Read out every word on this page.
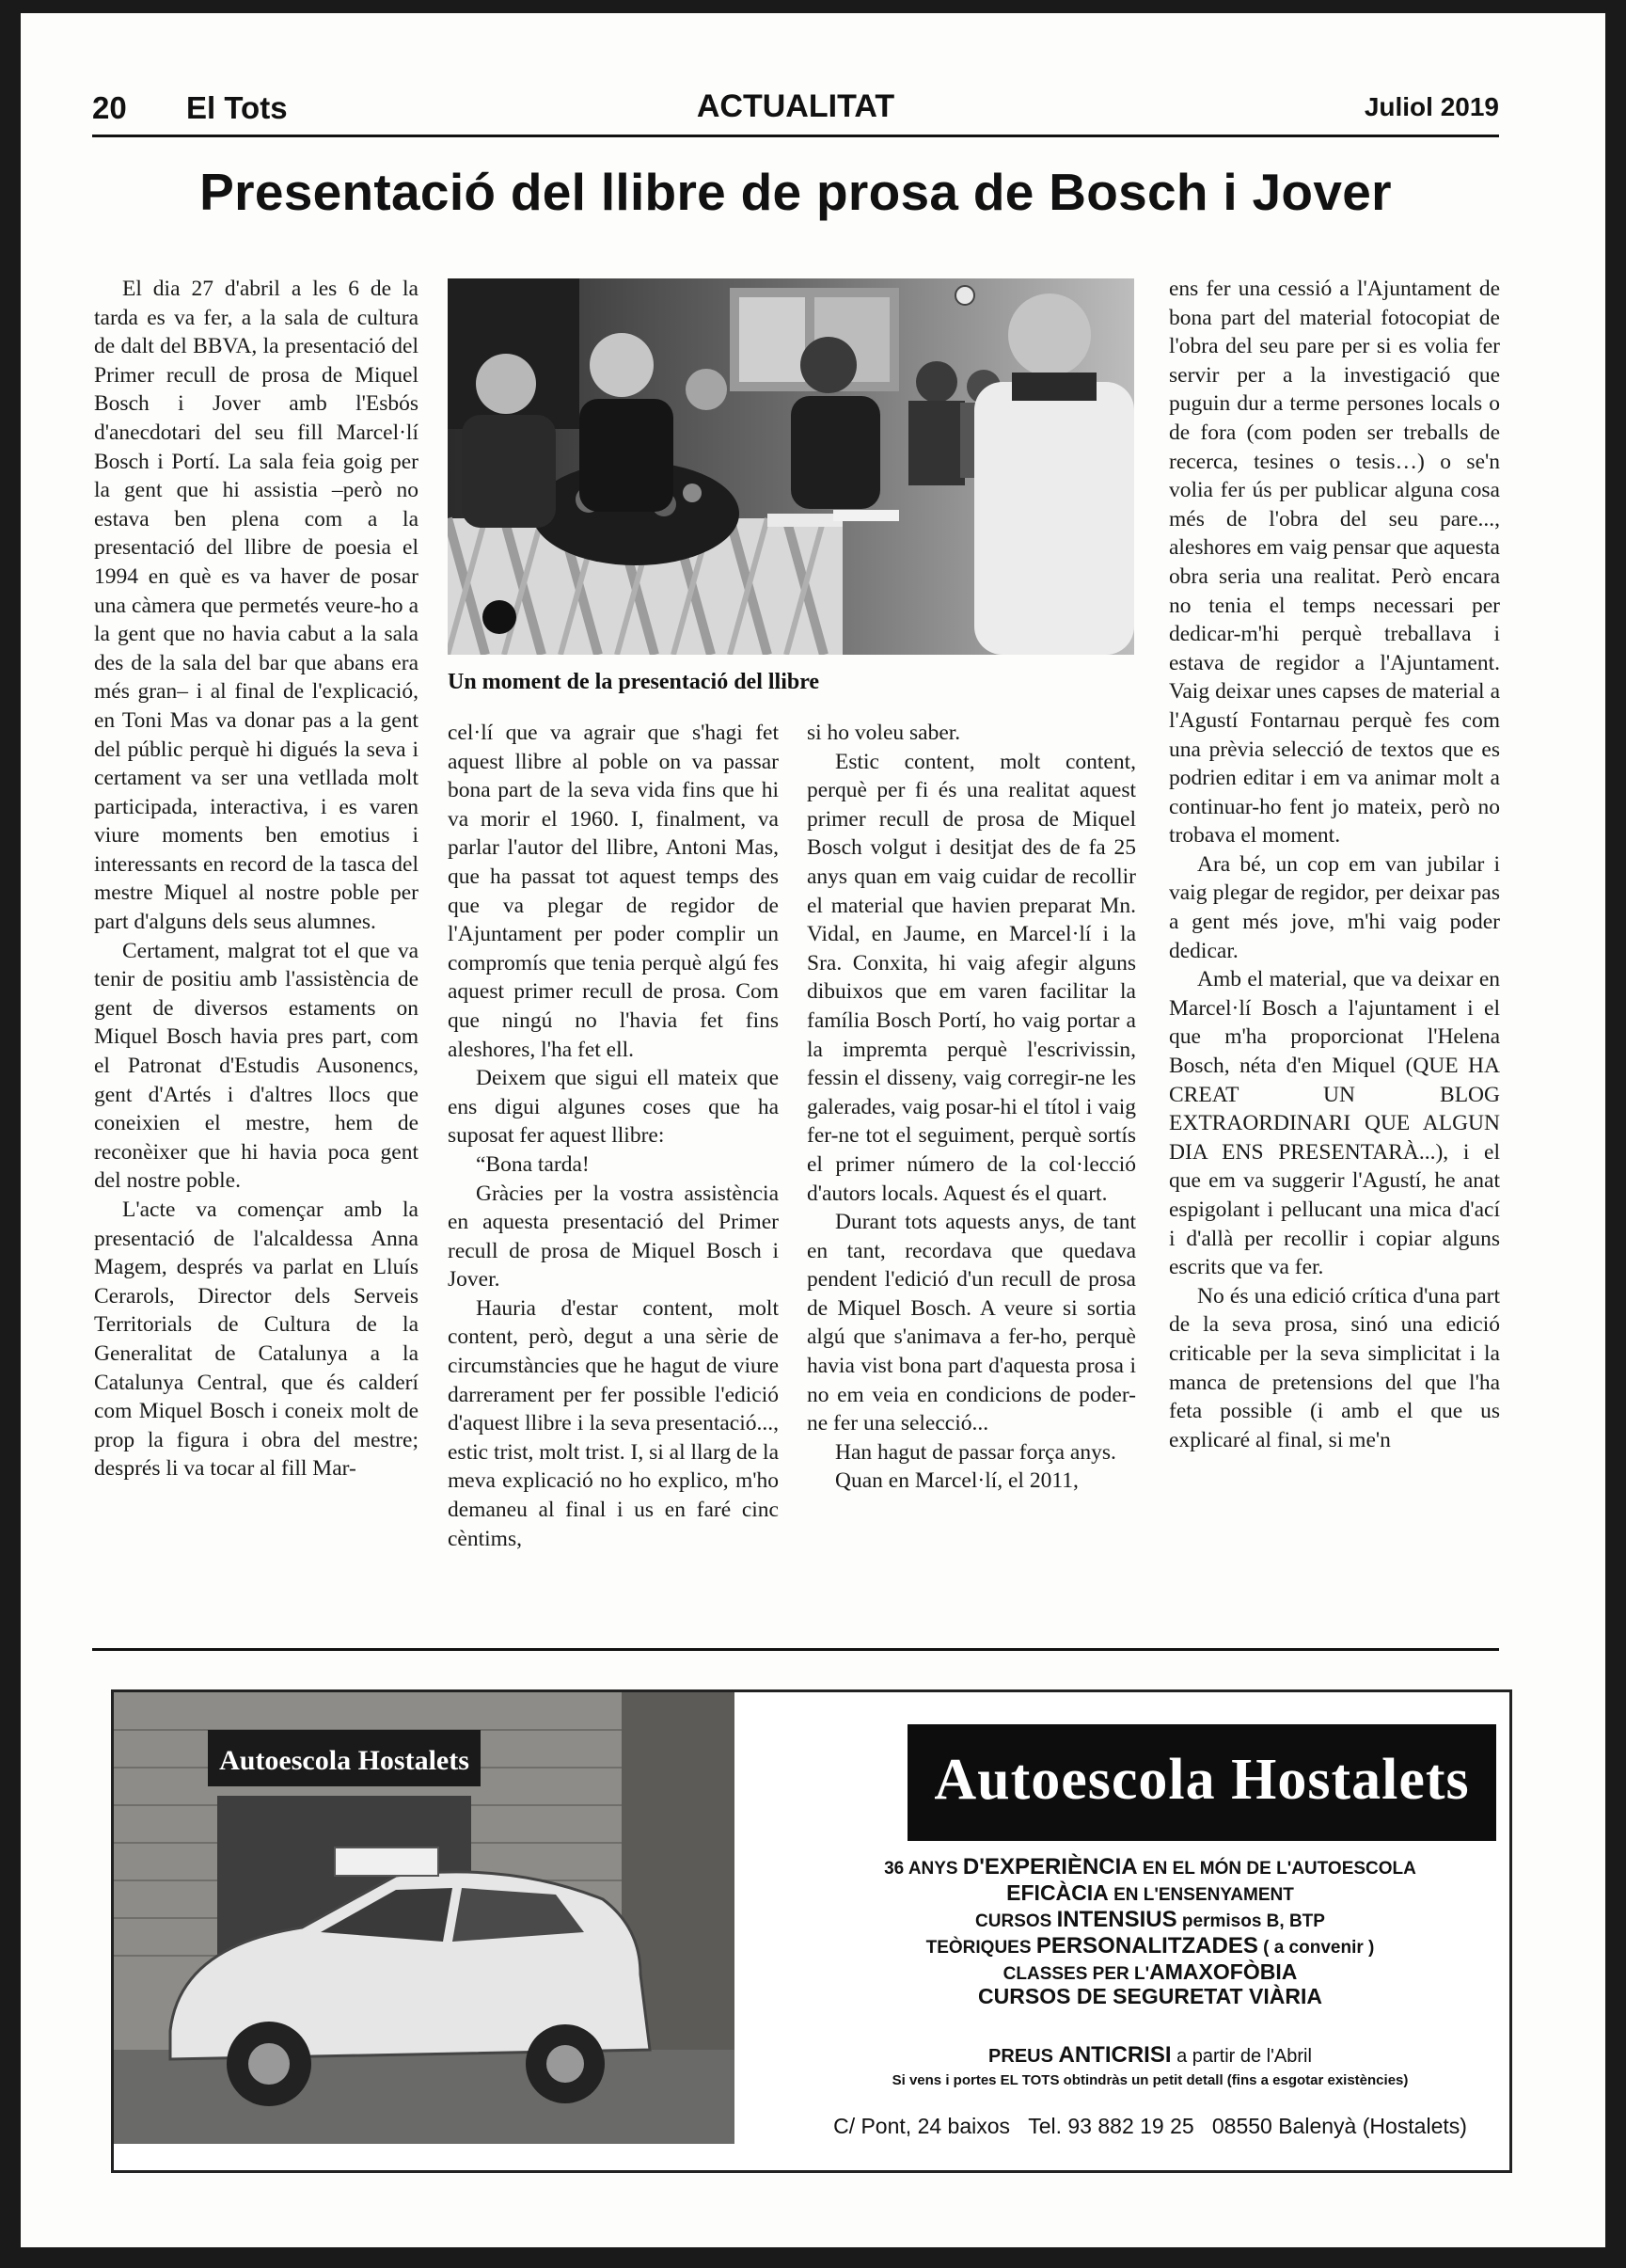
20 El Tots	ACTUALITAT	Juliol 2019
Presentació del llibre de prosa de Bosch i Jover

El dia 27 d'abril a les 6 de la tarda es va fer, a la sala de cultura de dalt del BBVA, la presentació del Primer recull de prosa de Miquel Bosch i Jover amb l'Esbós d'anecdotari del seu fill Marcel·lí Bosch i Portí. La sala feia goig per la gent que hi assistia –però no estava ben plena com a la presentació del llibre de poesia el 1994 en què es va haver de posar una càmera que permetés veure-ho a la gent que no havia cabut a la sala des de la sala del bar que abans era més gran– i al final de l'explicació, en Toni Mas va donar pas a la gent del públic perquè hi digués la seva i certament va ser una vetllada molt participada, interactiva, i es varen viure moments ben emotius i interessants en record de la tasca del mestre Miquel al nostre poble per part d'alguns dels seus alumnes.

Certament, malgrat tot el que va tenir de positiu amb l'assistència de gent de diversos estaments on Miquel Bosch havia pres part, com el Patronat d'Estudis Ausonencs, gent d'Artés i d'altres llocs que coneixien el mestre, hem de reconèixer que hi havia poca gent del nostre poble.

L'acte va començar amb la presentació de l'alcaldessa Anna Magem, després va parlat en Lluís Cerarols, Director dels Serveis Territorials de Cultura de la Generalitat de Catalunya a la Catalunya Central, que és calderí com Miquel Bosch i coneix molt de prop la figura i obra del mestre; després li va tocar al fill Mar-

Un moment de la presentació del llibre

cel·lí que va agrair que s'hagi fet aquest llibre al poble on va passar bona part de la seva vida fins que hi va morir el 1960. I, finalment, va parlar l'autor del llibre, Antoni Mas, que ha passat tot aquest temps des que va plegar de regidor de l'Ajuntament per poder complir un compromís que tenia perquè algú fes aquest primer recull de prosa. Com que ningú no l'havia fet fins aleshores, l'ha fet ell.

Deixem que sigui ell mateix que ens digui algunes coses que ha suposat fer aquest llibre:

“Bona tarda!

Gràcies per la vostra assistència en aquesta presentació del Primer recull de prosa de Miquel Bosch i Jover.

Hauria d'estar content, molt content, però, degut a una sèrie de circumstàncies que he hagut de viure darrerament per fer possible l'edició d'aquest llibre i la seva presentació..., estic trist, molt trist. I, si al llarg de la meva explicació no ho explico, m'ho demaneu al final i us en faré cinc cèntims,

si ho voleu saber.

Estic content, molt content, perquè per fi és una realitat aquest primer recull de prosa de Miquel Bosch volgut i desitjat des de fa 25 anys quan em vaig cuidar de recollir el material que havien preparat Mn. Vidal, en Jaume, en Marcel·lí i la Sra. Conxita, hi vaig afegir alguns dibuixos que em varen facilitar la família Bosch Portí, ho vaig portar a la impremta perquè l'escrivissin, fessin el disseny, vaig corregir-ne les galerades, vaig posar-hi el títol i vaig fer-ne tot el seguiment, perquè sortís el primer número de la col·lecció d'autors locals. Aquest és el quart.

Durant tots aquests anys, de tant en tant, recordava que quedava pendent l'edició d'un recull de prosa de Miquel Bosch. A veure si sortia algú que s'animava a fer-ho, perquè havia vist bona part d'aquesta prosa i no em veia en condicions de poder-ne fer una selecció...

Han hagut de passar força anys.

Quan en Marcel·lí, el 2011,

ens fer una cessió a l'Ajuntament de bona part del material fotocopiat de l'obra del seu pare per si es volia fer servir per a la investigació que puguin dur a terme persones locals o de fora (com poden ser treballs de recerca, tesines o tesis…) o se'n volia fer ús per publicar alguna cosa més de l'obra del seu pare..., aleshores em vaig pensar que aquesta obra seria una realitat. Però encara no tenia el temps necessari per dedicar-m'hi perquè treballava i estava de regidor a l'Ajuntament. Vaig deixar unes capses de material a l'Agustí Fontarnau perquè fes com una prèvia selecció de textos que es podrien editar i em va animar molt a continuar-ho fent jo mateix, però no trobava el moment.

Ara bé, un cop em van jubilar i vaig plegar de regidor, per deixar pas a gent més jove, m'hi vaig poder dedicar.

Amb el material, que va deixar en Marcel·lí Bosch a l'ajuntament i el que m'ha proporcionat l'Helena Bosch, néta d'en Miquel (QUE HA CREAT UN BLOG EXTRAORDINARI QUE ALGUN DIA ENS PRESENTARÀ...), i el que em va suggerir l'Agustí, he anat espigolant i pellucant una mica d'ací i d'allà per recollir i copiar alguns escrits que va fer.

No és una edició crítica d'una part de la seva prosa, sinó una edició criticable per la seva simplicitat i la manca de pretensions del que l'ha feta possible (i amb el que us explicaré al final, si me'n

Autoescola Hostalets	Autoescola Hostalets
36 ANYS D'EXPERIÈNCIA EN EL MÓN DE L'AUTOESCOLA
EFICÀCIA EN L'ENSENYAMENT
CURSOS INTENSIUS permisos B, BTP
TEÒRIQUES PERSONALITZADES ( a convenir )
CLASSES PER L'AMAXOFÒBIA
CURSOS DE SEGURETAT VIÀRIA
PREUS ANTICRISI a partir de l'Abril
Si vens i portes EL TOTS obtindràs un petit detall (fins a esgotar existències)
C/ Pont, 24 baixos Tel. 93 882 19 25 08550 Balenyà (Hostalets)
